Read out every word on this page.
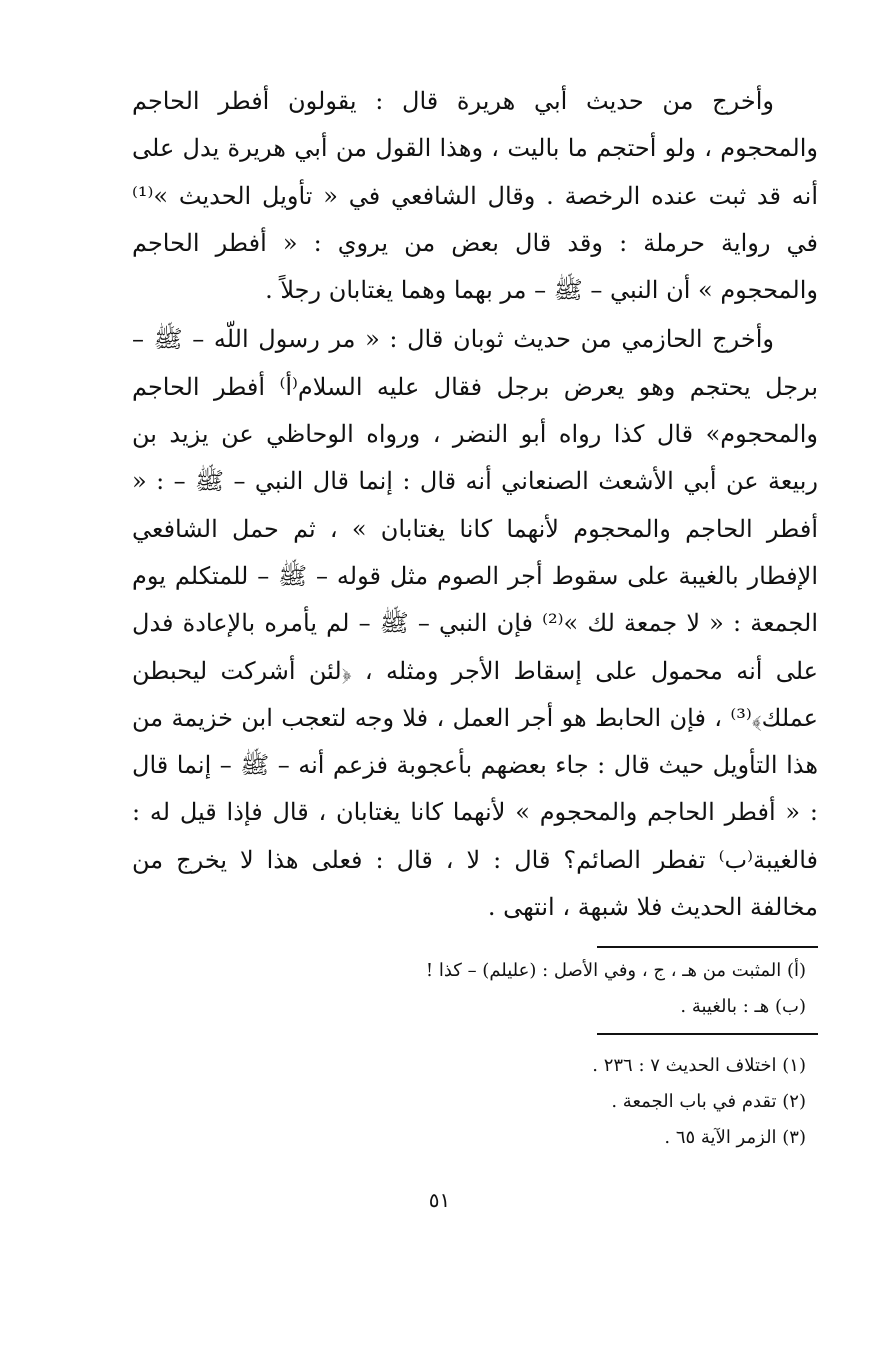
وأخرج من حديث أبي هريرة قال : يقولون أفطر الحاجم والمحجوم ، ولو أحتجم ما باليت ، وهذا القول من أبي هريرة يدل على أنه قد ثبت عنده الرخصة . وقال الشافعي في « تأويل الحديث »⁽¹⁾ في رواية حرملة : وقد قال بعض من يروي : « أفطر الحاجم والمحجوم » أن النبي – ﷺ – مر بهما وهما يغتابان رجلاً .

وأخرج الحازمي من حديث ثوبان قال : « مر رسول اللّه – ﷺ – برجل يحتجم وهو يعرض برجل فقال عليه السلام⁽أ⁾ أفطر الحاجم والمحجوم» قال كذا رواه أبو النضر ، ورواه الوحاظي عن يزيد بن ربيعة عن أبي الأشعث الصنعاني أنه قال : إنما قال النبي – ﷺ – : « أفطر الحاجم والمحجوم لأنهما كانا يغتابان » ، ثم حمل الشافعي الإفطار بالغيبة على سقوط أجر الصوم مثل قوله – ﷺ – للمتكلم يوم الجمعة : « لا جمعة لك »⁽²⁾ فإن النبي – ﷺ – لم يأمره بالإعادة فدل على أنه محمول على إسقاط الأجر ومثله ، ﴿لئن أشركت ليحبطن عملك﴾⁽³⁾ ، فإن الحابط هو أجر العمل ، فلا وجه لتعجب ابن خزيمة من هذا التأويل حيث قال : جاء بعضهم بأعجوبة فزعم أنه – ﷺ – إنما قال : « أفطر الحاجم والمحجوم » لأنهما كانا يغتابان ، قال فإذا قيل له : فالغيبة⁽ب⁾ تفطر الصائم؟ قال : لا ، قال : فعلى هذا لا يخرج من مخالفة الحديث فلا شبهة ، انتهى .

(أ) المثبت من هـ ، ج ، وفي الأصل : (عليلم) – كذا !
(ب) هـ : بالغيبة .
(١) اختلاف الحديث ٧ : ٢٣٦ .
(٢) تقدم في باب الجمعة .
(٣) الزمر الآية ٦٥ .
٥١
